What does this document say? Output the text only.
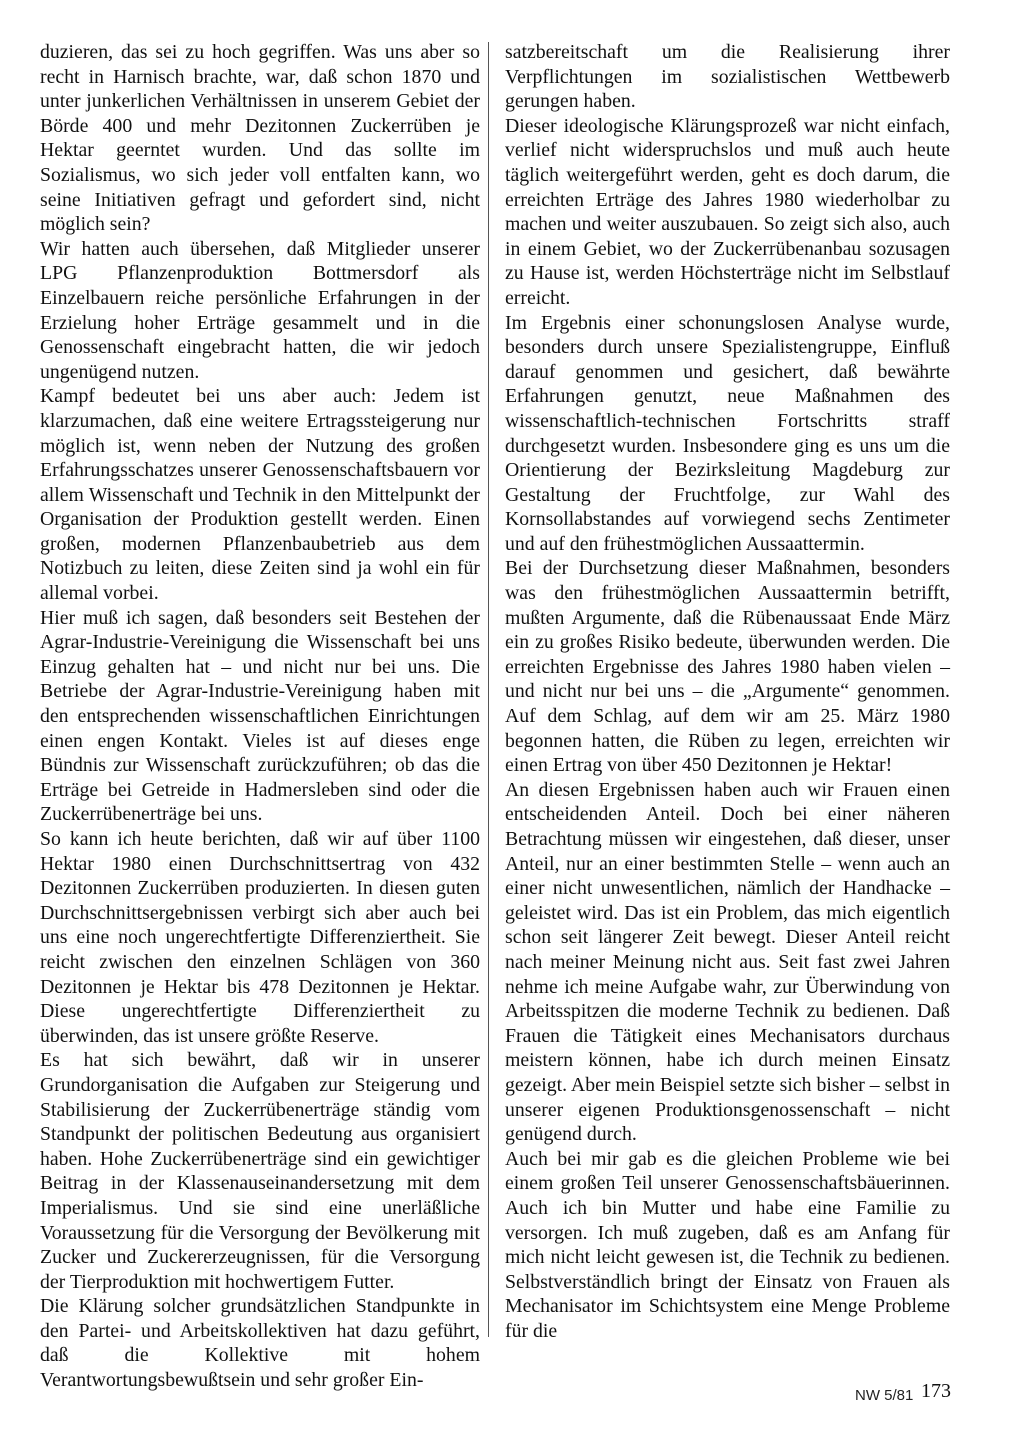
duzieren, das sei zu hoch gegriffen. Was uns aber so recht in Harnisch brachte, war, daß schon 1870 und unter junkerlichen Verhältnissen in unserem Gebiet der Börde 400 und mehr Dezitonnen Zuckerrüben je Hektar geerntet wurden. Und das sollte im Sozialismus, wo sich jeder voll entfalten kann, wo seine Initiativen gefragt und gefordert sind, nicht möglich sein?

Wir hatten auch übersehen, daß Mitglieder unserer LPG Pflanzenproduktion Bottmersdorf als Einzelbauern reiche persönliche Erfahrungen in der Erzielung hoher Erträge gesammelt und in die Genossenschaft eingebracht hatten, die wir jedoch ungenügend nutzen.

Kampf bedeutet bei uns aber auch: Jedem ist klarzumachen, daß eine weitere Ertragssteigerung nur möglich ist, wenn neben der Nutzung des großen Erfahrungsschatzes unserer Genossenschaftsbauern vor allem Wissenschaft und Technik in den Mittelpunkt der Organisation der Produktion gestellt werden. Einen großen, modernen Pflanzenbaubetrieb aus dem Notizbuch zu leiten, diese Zeiten sind ja wohl ein für allemal vorbei.

Hier muß ich sagen, daß besonders seit Bestehen der Agrar-Industrie-Vereinigung die Wissenschaft bei uns Einzug gehalten hat – und nicht nur bei uns. Die Betriebe der Agrar-Industrie-Vereinigung haben mit den entsprechenden wissenschaftlichen Einrichtungen einen engen Kontakt. Vieles ist auf dieses enge Bündnis zur Wissenschaft zurückzuführen; ob das die Erträge bei Getreide in Hadmersleben sind oder die Zuckerrübenerträge bei uns.

So kann ich heute berichten, daß wir auf über 1100 Hektar 1980 einen Durchschnittsertrag von 432 Dezitonnen Zuckerrüben produzierten. In diesen guten Durchschnittsergebnissen verbirgt sich aber auch bei uns eine noch ungerechtfertigte Differenziertheit. Sie reicht zwischen den einzelnen Schlägen von 360 Dezitonnen je Hektar bis 478 Dezitonnen je Hektar. Diese ungerechtfertigte Differenziertheit zu überwinden, das ist unsere größte Reserve.

Es hat sich bewährt, daß wir in unserer Grundorganisation die Aufgaben zur Steigerung und Stabilisierung der Zuckerrübenerträge ständig vom Standpunkt der politischen Bedeutung aus organisiert haben. Hohe Zuckerrübenerträge sind ein gewichtiger Beitrag in der Klassenauseinandersetzung mit dem Imperialismus. Und sie sind eine unerläßliche Voraussetzung für die Versorgung der Bevölkerung mit Zucker und Zuckererzeugnissen, für die Versorgung der Tierproduktion mit hochwertigem Futter.

Die Klärung solcher grundsätzlichen Standpunkte in den Partei- und Arbeitskollektiven hat dazu geführt, daß die Kollektive mit hohem Verantwortungsbewußtsein und sehr großer Ein-

satzbereitschaft um die Realisierung ihrer Verpflichtungen im sozialistischen Wettbewerb gerungen haben.

Dieser ideologische Klärungsprozeß war nicht einfach, verlief nicht widerspruchslos und muß auch heute täglich weitergeführt werden, geht es doch darum, die erreichten Erträge des Jahres 1980 wiederholbar zu machen und weiter auszubauen. So zeigt sich also, auch in einem Gebiet, wo der Zuckerrübenanbau sozusagen zu Hause ist, werden Höchsterträge nicht im Selbstlauf erreicht.

Im Ergebnis einer schonungslosen Analyse wurde, besonders durch unsere Spezialistengruppe, Einfluß darauf genommen und gesichert, daß bewährte Erfahrungen genutzt, neue Maßnahmen des wissenschaftlich-technischen Fortschritts straff durchgesetzt wurden. Insbesondere ging es uns um die Orientierung der Bezirksleitung Magdeburg zur Gestaltung der Fruchtfolge, zur Wahl des Kornsollabstandes auf vorwiegend sechs Zentimeter und auf den frühestmöglichen Aussaattermin.

Bei der Durchsetzung dieser Maßnahmen, besonders was den frühestmöglichen Aussaattermin betrifft, mußten Argumente, daß die Rübenaussaat Ende März ein zu großes Risiko bedeute, überwunden werden. Die erreichten Ergebnisse des Jahres 1980 haben vielen – und nicht nur bei uns – die „Argumente“ genommen. Auf dem Schlag, auf dem wir am 25. März 1980 begonnen hatten, die Rüben zu legen, erreichten wir einen Ertrag von über 450 Dezitonnen je Hektar!

An diesen Ergebnissen haben auch wir Frauen einen entscheidenden Anteil. Doch bei einer näheren Betrachtung müssen wir eingestehen, daß dieser, unser Anteil, nur an einer bestimmten Stelle – wenn auch an einer nicht unwesentlichen, nämlich der Handhacke – geleistet wird. Das ist ein Problem, das mich eigentlich schon seit längerer Zeit bewegt. Dieser Anteil reicht nach meiner Meinung nicht aus. Seit fast zwei Jahren nehme ich meine Aufgabe wahr, zur Überwindung von Arbeitsspitzen die moderne Technik zu bedienen. Daß Frauen die Tätigkeit eines Mechanisators durchaus meistern können, habe ich durch meinen Einsatz gezeigt. Aber mein Beispiel setzte sich bisher – selbst in unserer eigenen Produktionsgenossenschaft – nicht genügend durch.

Auch bei mir gab es die gleichen Probleme wie bei einem großen Teil unserer Genossenschaftsbäuerinnen. Auch ich bin Mutter und habe eine Familie zu versorgen. Ich muß zugeben, daß es am Anfang für mich nicht leicht gewesen ist, die Technik zu bedienen. Selbstverständlich bringt der Einsatz von Frauen als Mechanisator im Schichtsystem eine Menge Probleme für die

NW 5/81 173
